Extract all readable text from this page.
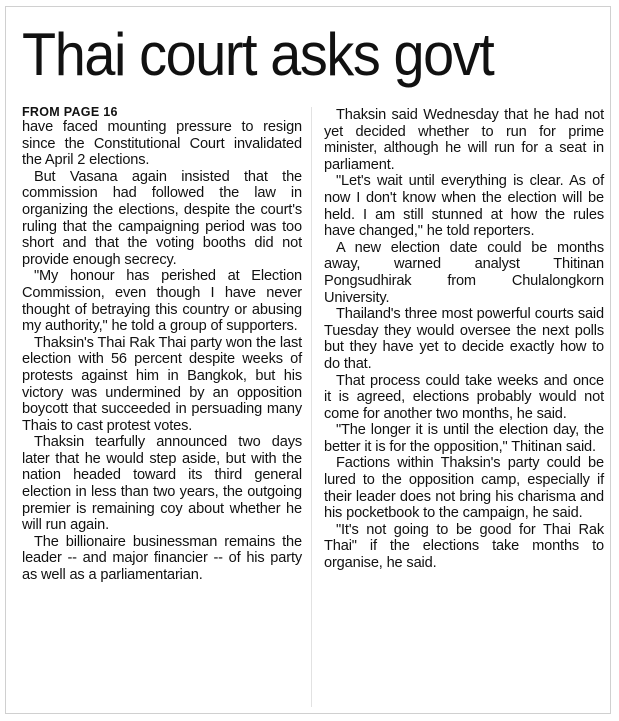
Thai court asks govt
FROM PAGE 16

have faced mounting pressure to resign since the Constitutional Court invalidated the April 2 elections.

But Vasana again insisted that the commission had followed the law in organizing the elections, despite the court's ruling that the campaigning period was too short and that the voting booths did not provide enough secrecy.

"My honour has perished at Election Commission, even though I have never thought of betraying this country or abusing my authority," he told a group of supporters.

Thaksin's Thai Rak Thai party won the last election with 56 percent despite weeks of protests against him in Bangkok, but his victory was undermined by an opposition boycott that succeeded in persuading many Thais to cast protest votes.

Thaksin tearfully announced two days later that he would step aside, but with the nation headed toward its third general election in less than two years, the outgoing premier is remaining coy about whether he will run again.

The billionaire businessman remains the leader -- and major financier -- of his party as well as a parliamentarian.

Thaksin said Wednesday that he had not yet decided whether to run for prime minister, although he will run for a seat in parliament.

"Let's wait until everything is clear. As of now I don't know when the election will be held. I am still stunned at how the rules have changed," he told reporters.

A new election date could be months away, warned analyst Thitinan Pongsudhirak from Chulalongkorn University.

Thailand's three most powerful courts said Tuesday they would oversee the next polls but they have yet to decide exactly how to do that.

That process could take weeks and once it is agreed, elections probably would not come for another two months, he said.

"The longer it is until the election day, the better it is for the opposition," Thitinan said.

Factions within Thaksin's party could be lured to the opposition camp, especially if their leader does not bring his charisma and his pocketbook to the campaign, he said.

"It's not going to be good for Thai Rak Thai" if the elections take months to organise, he said.
